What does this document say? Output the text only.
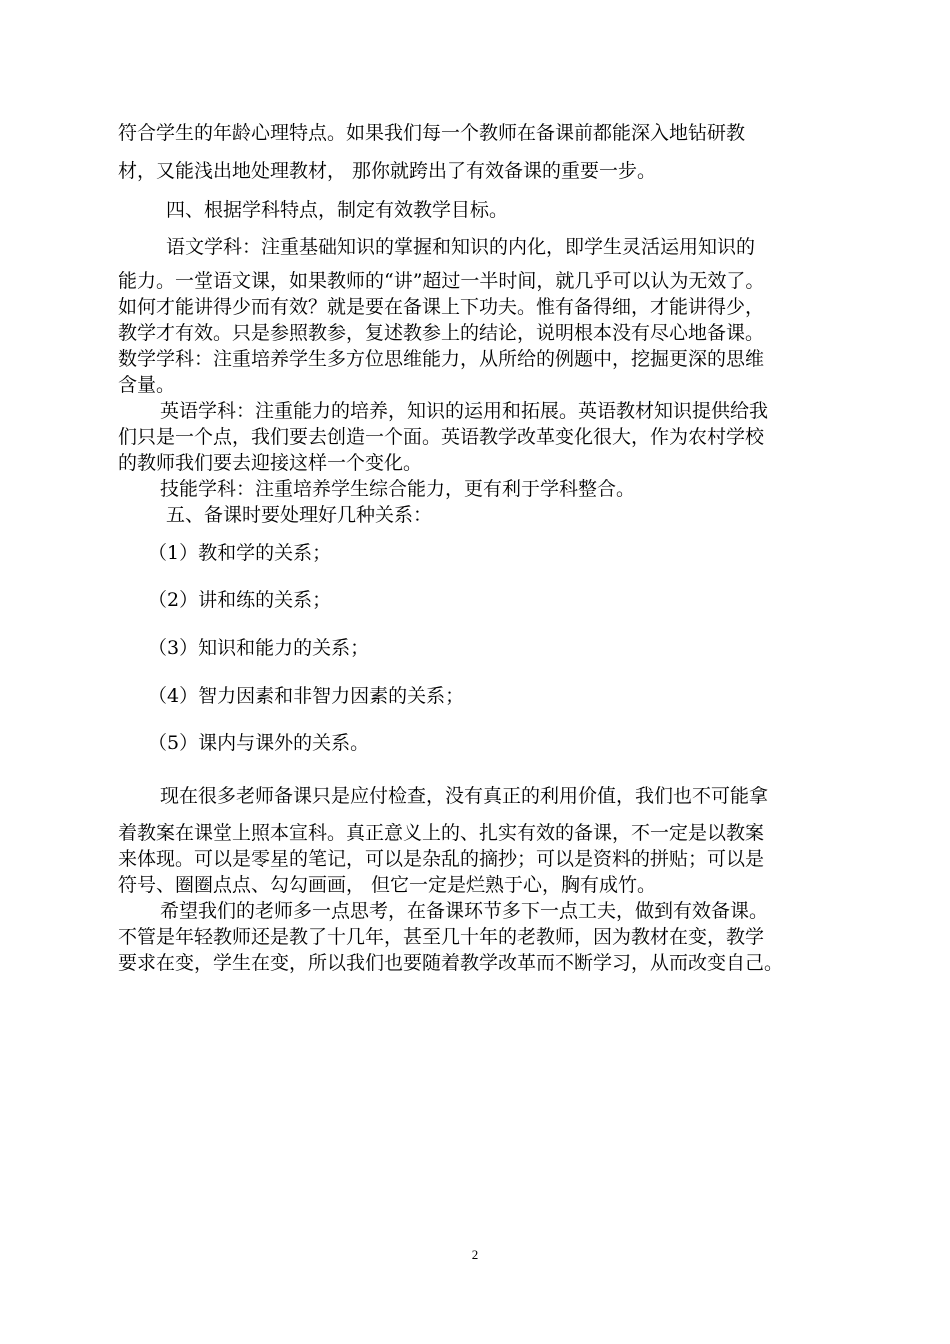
符合学生的年龄心理特点。如果我们每一个教师在备课前都能深入地钻研教
材，又能浅出地处理教材， 那你就跨出了有效备课的重要一步。
四、根据学科特点，制定有效教学目标。
语文学科：注重基础知识的掌握和知识的内化，即学生灵活运用知识的
能力。一堂语文课，如果教师的“讲”超过一半时间，就几乎可以认为无效了。
如何才能讲得少而有效？就是要在备课上下功夫。惟有备得细，才能讲得少，
教学才有效。只是参照教参，复述教参上的结论，说明根本没有尽心地备课。
数学学科：注重培养学生多方位思维能力，从所给的例题中，挖掘更深的思维
含量。
英语学科：注重能力的培养，知识的运用和拓展。英语教材知识提供给我
们只是一个点，我们要去创造一个面。英语教学改革变化很大，作为农村学校
的教师我们要去迎接这样一个变化。
技能学科：注重培养学生综合能力，更有利于学科整合。
五、备课时要处理好几种关系：
（1）教和学的关系；
（2）讲和练的关系；
（3）知识和能力的关系；
（4）智力因素和非智力因素的关系；
（5）课内与课外的关系。
现在很多老师备课只是应付检查，没有真正的利用价值，我们也不可能拿
着教案在课堂上照本宣科。真正意义上的、扎实有效的备课，不一定是以教案
来体现。可以是零星的笔记，可以是杂乱的摘抄；可以是资料的拼贴；可以是
符号、圈圈点点、勾勾画画， 但它一定是烂熟于心，胸有成竹。
希望我们的老师多一点思考，在备课环节多下一点工夫，做到有效备课。
不管是年轻教师还是教了十几年，甚至几十年的老教师，因为教材在变，教学
要求在变，学生在变，所以我们也要随着教学改革而不断学习，从而改变自己。
2
